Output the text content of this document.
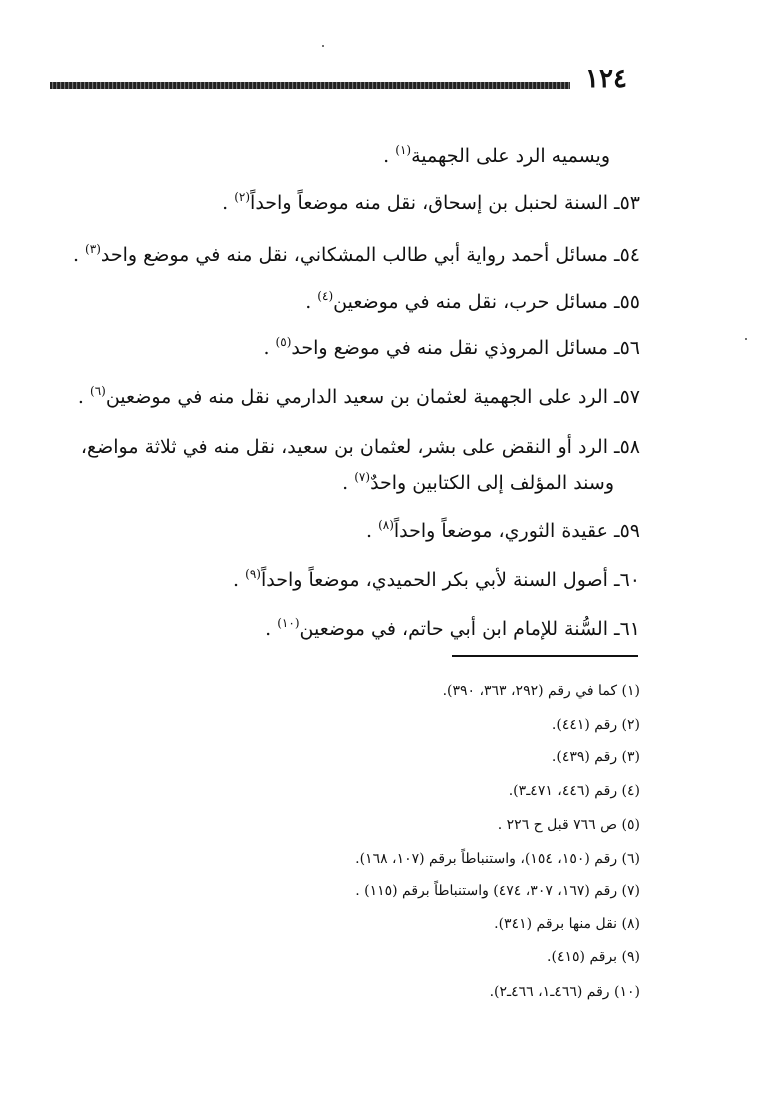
١٢٤
ويسميه الرد على الجهمية$^{(١)}$ .
٥٣ـ السنة لحنبل بن إسحاق، نقل منه موضعاً واحداً$^{(٢)}$ .
٥٤ـ مسائل أحمد رواية أبي طالب المشكاني، نقل منه في موضع واحد$^{(٣)}$ .
٥٥ـ مسائل حرب، نقل منه في موضعين$^{(٤)}$ .
٥٦ـ مسائل المروذي نقل منه في موضع واحد$^{(٥)}$ .
٥٧ـ الرد على الجهمية لعثمان بن سعيد الدارمي نقل منه في موضعين$^{(٦)}$ .
٥٨ـ الرد أو النقض على بشر، لعثمان بن سعيد، نقل منه في ثلاثة مواضع،
وسند المؤلف إلى الكتابين واحدٌ$^{(٧)}$ .
٥٩ـ عقيدة الثوري، موضعاً واحداً$^{(٨)}$ .
٦٠ـ أصول السنة لأبي بكر الحميدي، موضعاً واحداً$^{(٩)}$ .
٦١ـ السُّنة للإمام ابن أبي حاتم، في موضعين$^{(١٠)}$ .
(١) كما في رقم (٢٩٢، ٣٦٣، ٣٩٠).
(٢) رقم (٤٤١).
(٣) رقم (٤٣٩).
(٤) رقم (٤٤٦، ٤٧١ـ٣).
(٥) ص ٧٦٦ قبل ح ٢٢٦ .
(٦) رقم (١٥٠، ١٥٤)، واستنباطاً برقم (١٠٧، ١٦٨).
(٧) رقم (١٦٧، ٣٠٧، ٤٧٤) واستنباطاً برقم (١١٥) .
(٨) نقل منها برقم (٣٤١).
(٩) برقم (٤١٥).
(١٠) رقم (٤٦٦ـ١، ٤٦٦ـ٢).
